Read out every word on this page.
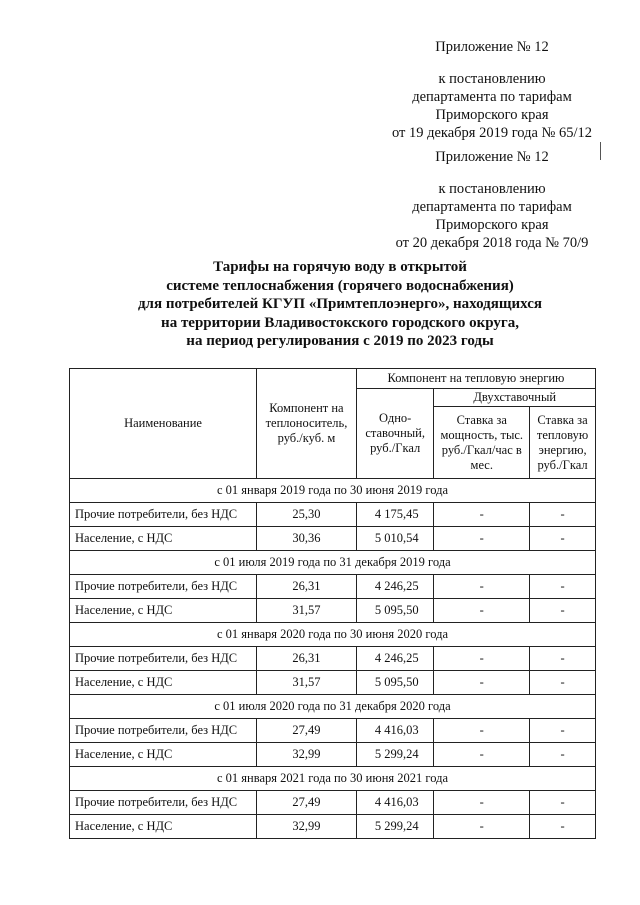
Приложение № 12
к постановлению
департамента по тарифам
Приморского края
от 19 декабря 2019 года № 65/12
Приложение № 12
к постановлению
департамента по тарифам
Приморского края
от 20 декабря 2018 года № 70/9
Тарифы на горячую воду в открытой
системе теплоснабжения (горячего водоснабжения)
для потребителей КГУП «Примтеплоэнерго», находящихся
на территории Владивостокского городского округа,
на период регулирования с 2019 по 2023 годы
Наименование	Компонент на теплоноситель, руб./куб. м	Компонент на тепловую энергию		
		Одно-ставочный, руб./Гкал	Двухставочный	
			Ставка за мощность, тыс. руб./Гкал/час в мес.	Ставка за тепловую энергию, руб./Гкал
с 01 января 2019 года по 30 июня 2019 года				
Прочие потребители, без НДС	25,30	4 175,45	-	-
Население, с НДС	30,36	5 010,54	-	-
с 01 июля 2019 года по 31 декабря 2019 года				
Прочие потребители, без НДС	26,31	4 246,25	-	-
Население, с НДС	31,57	5 095,50	-	-
с 01 января 2020 года по 30 июня 2020 года				
Прочие потребители, без НДС	26,31	4 246,25	-	-
Население, с НДС	31,57	5 095,50	-	-
с 01 июля 2020 года по 31 декабря 2020 года				
Прочие потребители, без НДС	27,49	4 416,03	-	-
Население, с НДС	32,99	5 299,24	-	-
с 01 января 2021 года по 30 июня 2021 года				
Прочие потребители, без НДС	27,49	4 416,03	-	-
Население, с НДС	32,99	5 299,24	-	-
